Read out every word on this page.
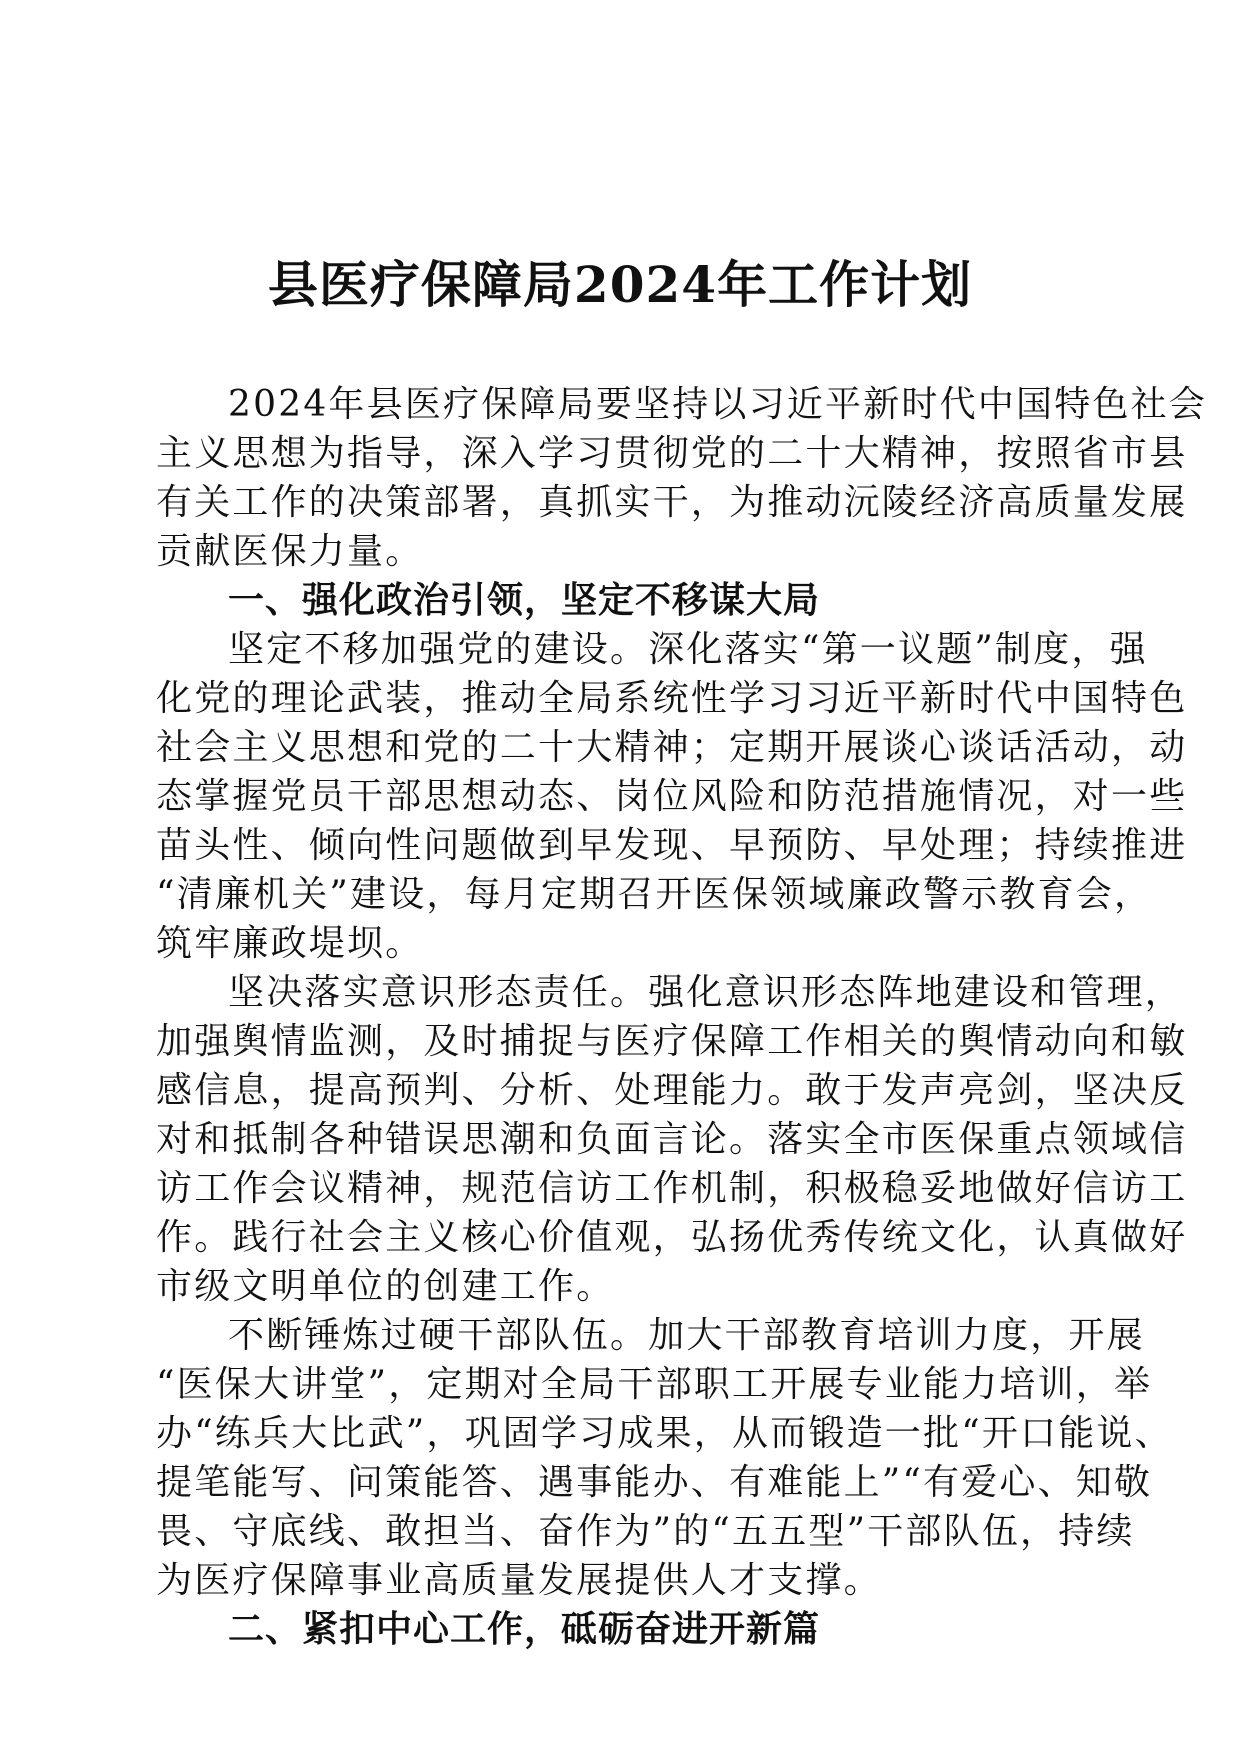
县医疗保障局2024年工作计划
2024年县医疗保障局要坚持以习近平新时代中国特色社会
主义思想为指导，深入学习贯彻党的二十大精神，按照省市县
有关工作的决策部署，真抓实干，为推动沅陵经济高质量发展
贡献医保力量。
一、强化政治引领，坚定不移谋大局
坚定不移加强党的建设。深化落实“第一议题”制度，强
化党的理论武装，推动全局系统性学习习近平新时代中国特色
社会主义思想和党的二十大精神；定期开展谈心谈话活动，动
态掌握党员干部思想动态、岗位风险和防范措施情况，对一些
苗头性、倾向性问题做到早发现、早预防、早处理；持续推进
“清廉机关”建设，每月定期召开医保领域廉政警示教育会，
筑牢廉政堤坝。
坚决落实意识形态责任。强化意识形态阵地建设和管理，
加强舆情监测，及时捕捉与医疗保障工作相关的舆情动向和敏
感信息，提高预判、分析、处理能力。敢于发声亮剑，坚决反
对和抵制各种错误思潮和负面言论。落实全市医保重点领域信
访工作会议精神，规范信访工作机制，积极稳妥地做好信访工
作。践行社会主义核心价值观，弘扬优秀传统文化，认真做好
市级文明单位的创建工作。
不断锤炼过硬干部队伍。加大干部教育培训力度，开展
“医保大讲堂”，定期对全局干部职工开展专业能力培训，举
办“练兵大比武”，巩固学习成果，从而锻造一批“开口能说、
提笔能写、问策能答、遇事能办、有难能上”“有爱心、知敬
畏、守底线、敢担当、奋作为”的“五五型”干部队伍，持续
为医疗保障事业高质量发展提供人才支撑。
二、紧扣中心工作，砥砺奋进开新篇
